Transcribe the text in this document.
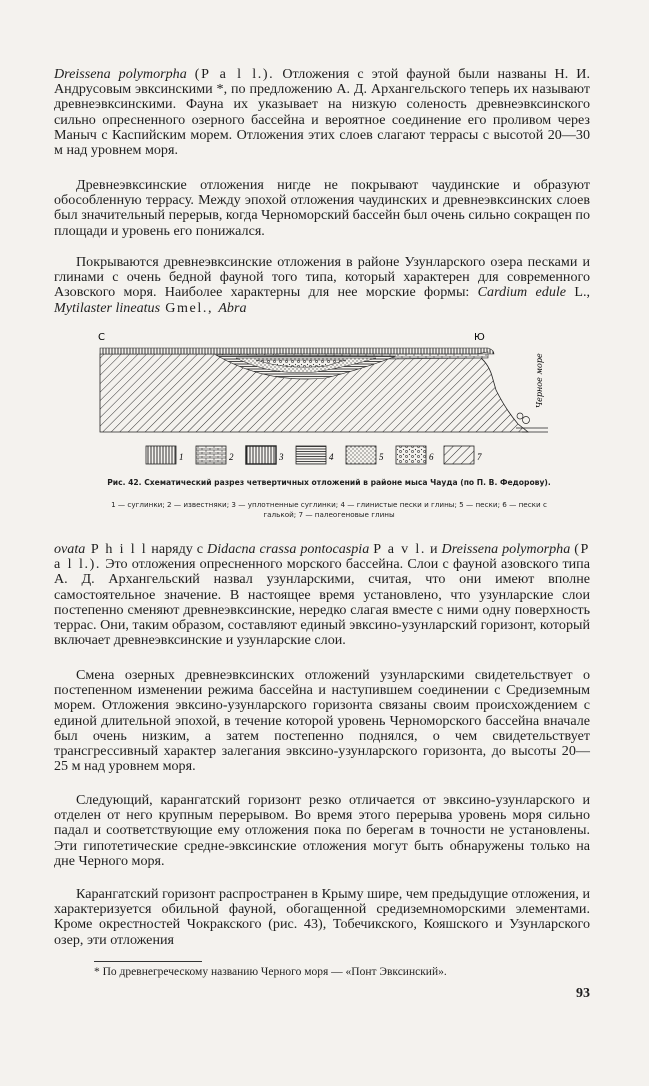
Dreissena polymorpha (P a l l.). Отложения с этой фауной были названы Н. И. Андрусовым эвксинскими *, по предложению А. Д. Архангельского теперь их называют древнеэвксинскими. Фауна их указывает на низкую соленость древнеэвксинского сильно опресненного озерного бассейна и вероятное соединение его проливом через Маныч с Каспийским морем. Отложения этих слоев слагают террасы с высотой 20—30 м над уровнем моря.

Древнеэвксинские отложения нигде не покрывают чаудинские и образуют обособленную террасу. Между эпохой отложения чаудинских и древнеэвксинских слоев был значительный перерыв, когда Черноморский бассейн был очень сильно сокращен по площади и уровень его понижался.

Покрываются древнеэвксинские отложения в районе Узунларского озера песками и глинами с очень бедной фауной того типа, который характерен для современного Азовского моря. Наиболее характерны для нее морские формы: Cardium edule L., Mytilaster lineatus Gmel., Abra

С	Ю
Черное море
1	2	3	4	5	6	7
Рис. 42. Схематический разрез четвертичных отложений в районе мыса Чауда (по П. В. Федорову).
1 — суглинки; 2 — известняки; 3 — уплотненные суглинки; 4 — глинистые пески и глины; 5 — пески; 6 — пески с галькой; 7 — палеогеновые глины

ovata P h i l l наряду с Didacna crassa pontocaspia P a v l. и Dreissena polymorpha (P a l l.). Это отложения опресненного морского бассейна. Слои с фауной азовского типа А. Д. Архангельский назвал узунларскими, считая, что они имеют вполне самостоятельное значение. В настоящее время установлено, что узунларские слои постепенно сменяют древнеэвксинские, нередко слагая вместе с ними одну поверхность террас. Они, таким образом, составляют единый эвксино-узунларский горизонт, который включает древнеэвксинские и узунларские слои.

Смена озерных древнеэвксинских отложений узунларскими свидетельствует о постепенном изменении режима бассейна и наступившем соединении с Средиземным морем. Отложения эвксино-узунларского горизонта связаны своим происхождением с единой длительной эпохой, в течение которой уровень Черноморского бассейна вначале был очень низким, а затем постепенно поднялся, о чем свидетельствует трансгрессивный характер залегания эвксино-узунларского горизонта, до высоты 20—25 м над уровнем моря.

Следующий, карангатский горизонт резко отличается от эвксино-узунларского и отделен от него крупным перерывом. Во время этого перерыва уровень моря сильно падал и соответствующие ему отложения пока по берегам в точности не установлены. Эти гипотетические средне-эвксинские отложения могут быть обнаружены только на дне Черного моря.

Карангатский горизонт распространен в Крыму шире, чем предыдущие отложения, и характеризуется обильной фауной, обогащенной средиземноморскими элементами. Кроме окрестностей Чокракского (рис. 43), Тобечикского, Кояшского и Узунларского озер, эти отложения

* По древнегреческому названию Черного моря — «Понт Эвксинский».
93
